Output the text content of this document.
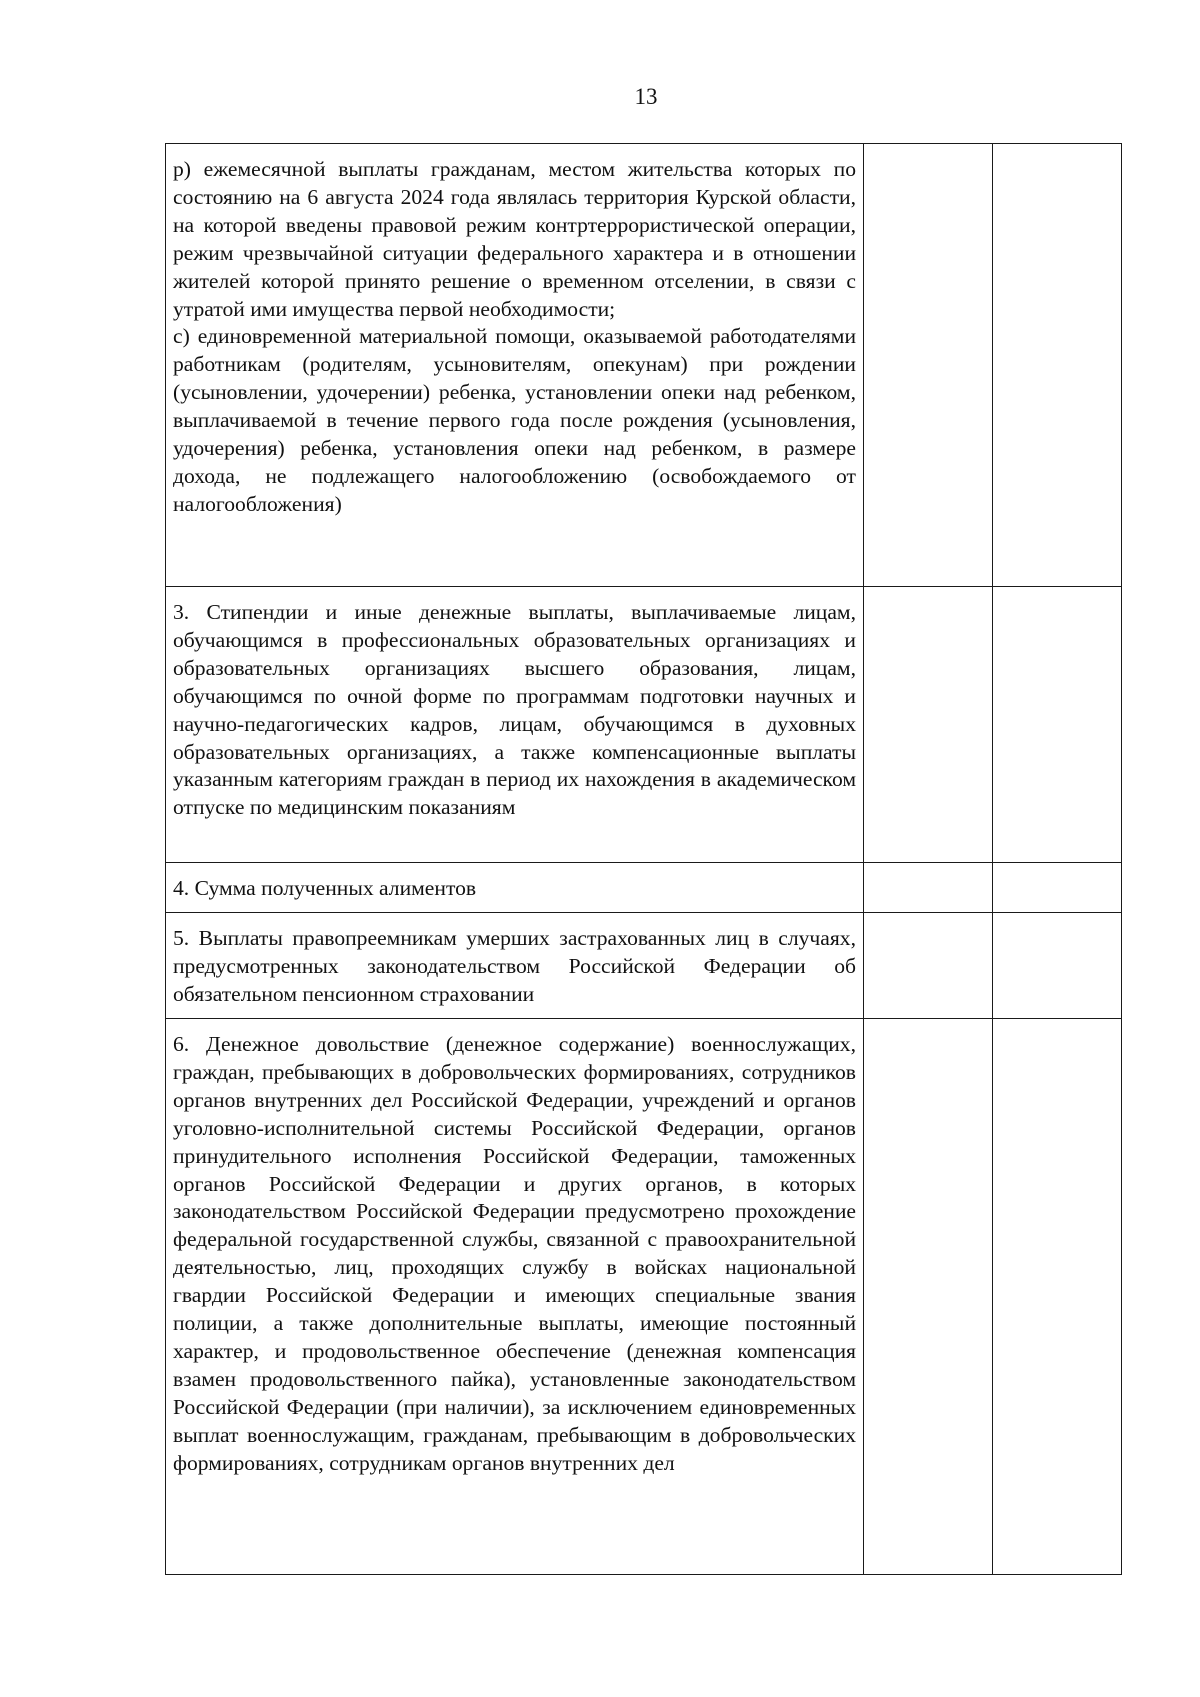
13

р) ежемесячной выплаты гражданам, местом жительства которых по состоянию на 6 августа 2024 года являлась территория Курской области, на которой введены правовой режим контртеррористической операции, режим чрезвычайной ситуации федерального характера и в отношении жителей которой принято решение о временном отселении, в связи с утратой ими имущества первой необходимости;

с) единовременной материальной помощи, оказываемой работодателями работникам (родителям, усыновителям, опекунам) при рождении (усыновлении, удочерении) ребенка, установлении опеки над ребенком, выплачиваемой в течение первого года после рождения (усыновления, удочерения) ребенка, установления опеки над ребенком, в размере дохода, не подлежащего налогообложению (освобождаемого от налогообложения)		

3. Стипендии и иные денежные выплаты, выплачиваемые лицам, обучающимся в профессиональных образовательных организациях и образовательных организациях высшего образования, лицам, обучающимся по очной форме по программам подготовки научных и научно-педагогических кадров, лицам, обучающимся в духовных образовательных организациях, а также компенсационные выплаты указанным категориям граждан в период их нахождения в академическом отпуске по медицинским показаниям		

4. Сумма полученных алиментов		

5. Выплаты правопреемникам умерших застрахованных лиц в случаях, предусмотренных законодательством Российской Федерации об обязательном пенсионном страховании		

6. Денежное довольствие (денежное содержание) военнослужащих, граждан, пребывающих в добровольческих формированиях, сотрудников органов внутренних дел Российской Федерации, учреждений и органов уголовно-исполнительной системы Российской Федерации, органов принудительного исполнения Российской Федерации, таможенных органов Российской Федерации и других органов, в которых законодательством Российской Федерации предусмотрено прохождение федеральной государственной службы, связанной с правоохранительной деятельностью, лиц, проходящих службу в войсках национальной гвардии Российской Федерации и имеющих специальные звания полиции, а также дополнительные выплаты, имеющие постоянный характер, и продовольственное обеспечение (денежная компенсация взамен продовольственного пайка), установленные законодательством Российской Федерации (при наличии), за исключением единовременных выплат военнослужащим, гражданам, пребывающим в добровольческих формированиях, сотрудникам органов внутренних дел		
